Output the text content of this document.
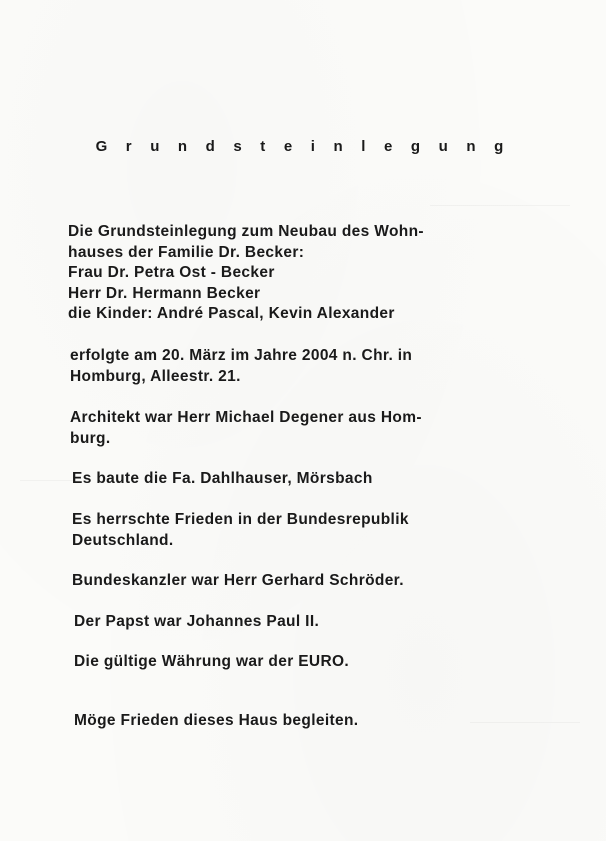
G r u n d s t e i n l e g u n g
Die Grundsteinlegung zum Neubau des Wohn-
hauses der Familie Dr. Becker:
Frau Dr. Petra Ost - Becker
Herr Dr. Hermann Becker
die Kinder: André Pascal, Kevin Alexander
erfolgte am 20. März im Jahre 2004 n. Chr. in
Homburg, Alleestr. 21.
Architekt war Herr Michael Degener aus Hom-
burg.
Es baute die Fa. Dahlhauser, Mörsbach
Es herrschte Frieden in der Bundesrepublik
Deutschland.
Bundeskanzler war Herr Gerhard Schröder.
Der Papst war Johannes Paul II.
Die gültige Währung war der EURO.
Möge Frieden dieses Haus begleiten.
